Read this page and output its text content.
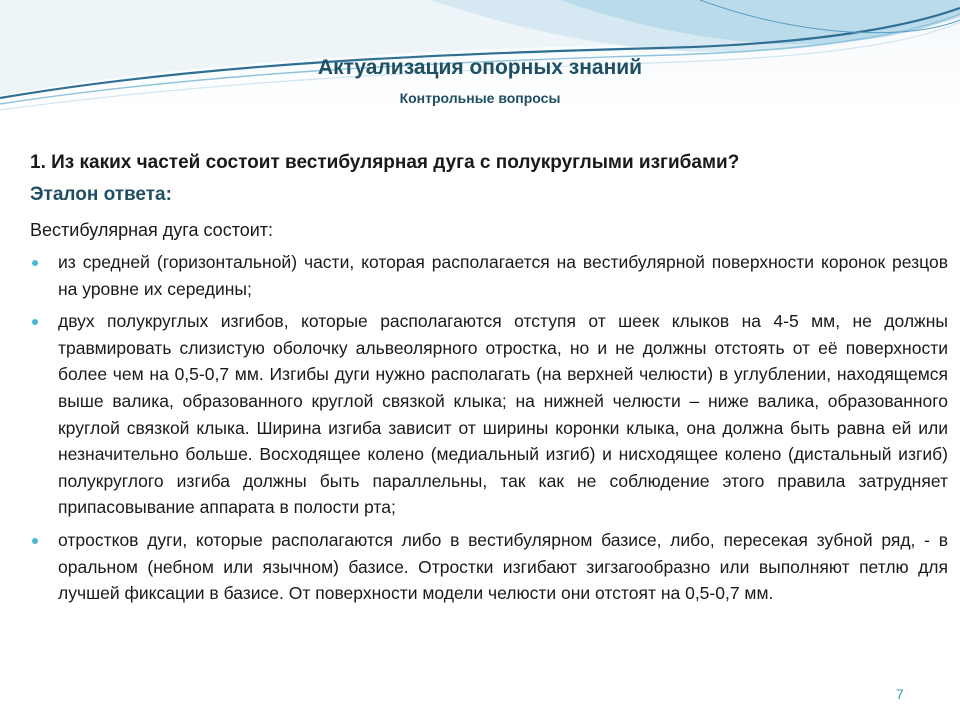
Актуализация опорных знаний
Контрольные вопросы

1. Из каких частей состоит вестибулярная дуга с полукруглыми изгибами?

Эталон ответа:

Вестибулярная дуга состоит:

из средней (горизонтальной) части, которая располагается на вестибулярной поверхности коронок резцов на уровне их середины;
двух полукруглых изгибов, которые располагаются отступя от шеек клыков на 4-5 мм, не должны травмировать слизистую оболочку альвеолярного отростка, но и не должны отстоять от её поверхности более чем на 0,5-0,7 мм. Изгибы дуги нужно располагать (на верхней челюсти) в углублении, находящемся выше валика, образованного круглой связкой клыка; на нижней челюсти – ниже валика, образованного круглой связкой клыка. Ширина изгиба зависит от ширины коронки клыка, она должна быть равна ей или незначительно больше. Восходящее колено (медиальный изгиб) и нисходящее колено (дистальный изгиб) полукруглого изгиба должны быть параллельны, так как не соблюдение этого правила затрудняет припасовывание аппарата в полости рта;
отростков дуги, которые располагаются либо в вестибулярном базисе, либо, пересекая зубной ряд, - в оральном (небном или язычном) базисе. Отростки изгибают зигзагообразно или выполняют петлю для лучшей фиксации в базисе. От поверхности модели челюсти они отстоят на 0,5-0,7 мм.
7
